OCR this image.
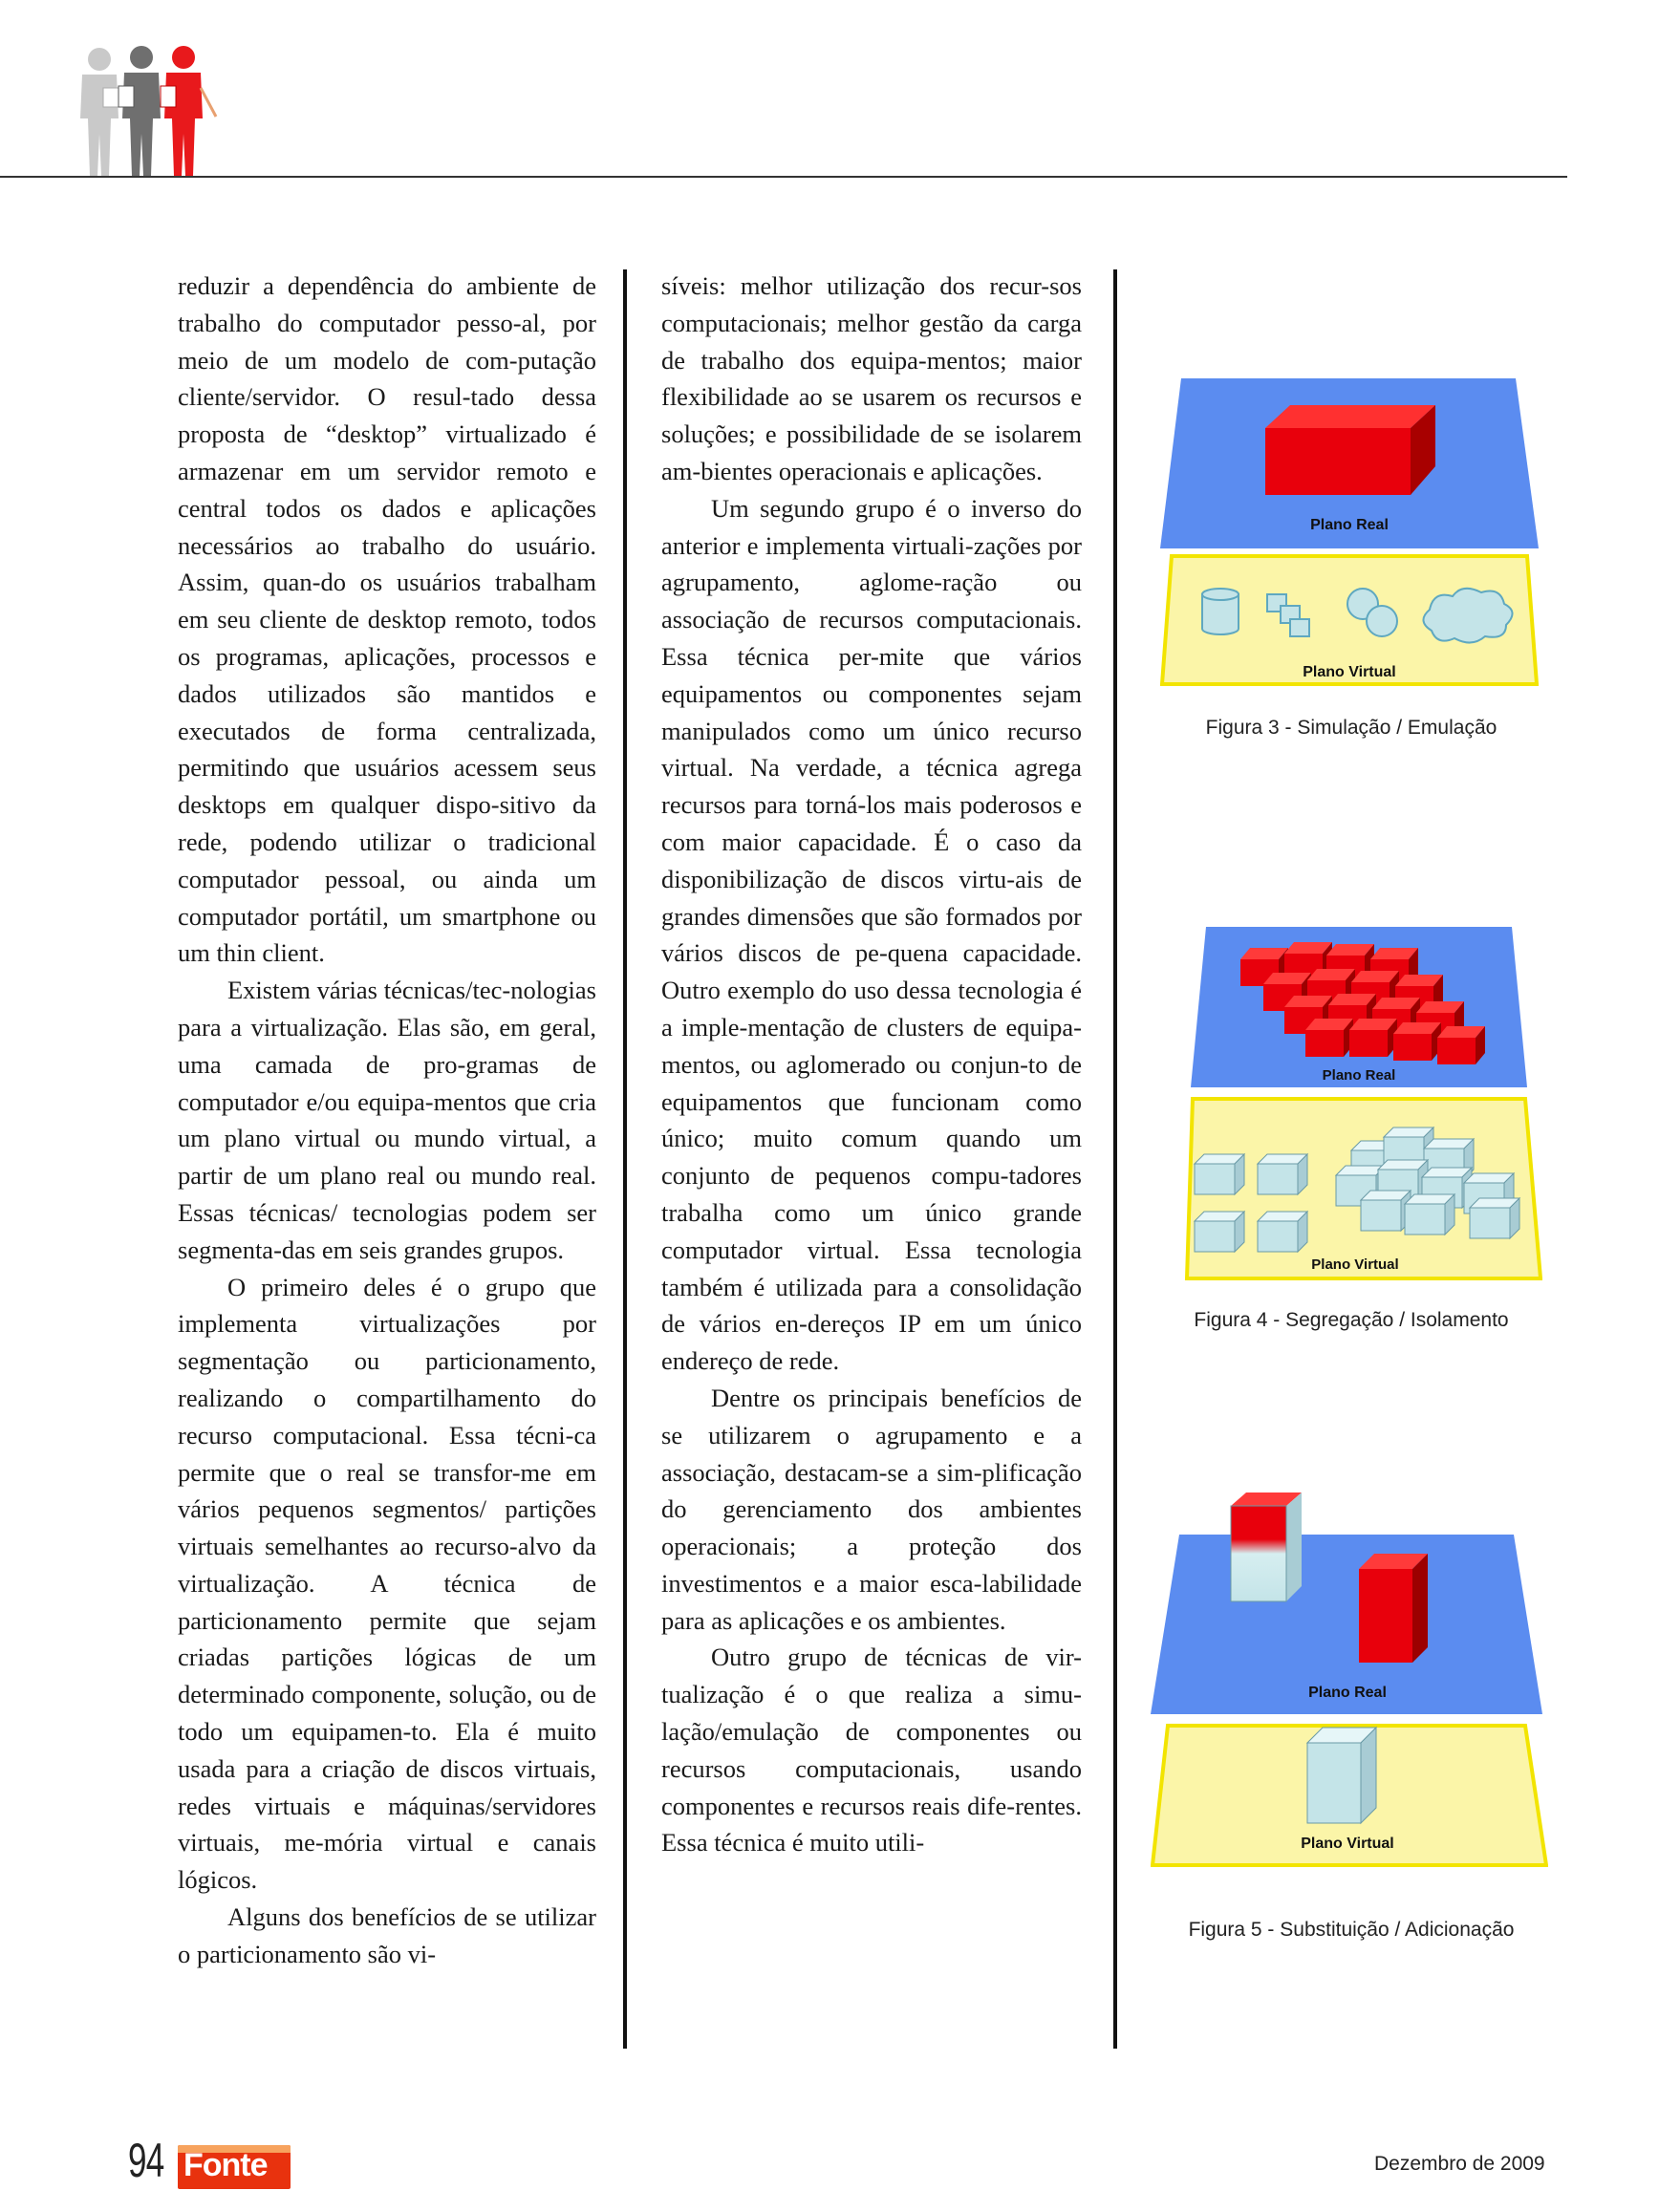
reduzir a dependência do ambiente de trabalho do computador pesso-al, por meio de um modelo de com-putação cliente/servidor. O resul-tado dessa proposta de “desktop” virtualizado é armazenar em um servidor remoto e central todos os dados e aplicações necessários ao trabalho do usuário. Assim, quan-do os usuários trabalham em seu cliente de desktop remoto, todos os programas, aplicações, processos e dados utilizados são mantidos e executados de forma centralizada, permitindo que usuários acessem seus desktops em qualquer dispo-sitivo da rede, podendo utilizar o tradicional computador pessoal, ou ainda um computador portátil, um smartphone ou um thin client.

Existem várias técnicas/tec-nologias para a virtualização. Elas são, em geral, uma camada de pro-gramas de computador e/ou equipa-mentos que cria um plano virtual ou mundo virtual, a partir de um plano real ou mundo real. Essas técnicas/ tecnologias podem ser segmenta-das em seis grandes grupos.

O primeiro deles é o grupo que implementa virtualizações por segmentação ou particionamento, realizando o compartilhamento do recurso computacional. Essa técni-ca permite que o real se transfor-me em vários pequenos segmentos/ partições virtuais semelhantes ao recurso-alvo da virtualização. A técnica de particionamento permite que sejam criadas partições lógicas de um determinado componente, solução, ou de todo um equipamen-to. Ela é muito usada para a criação de discos virtuais, redes virtuais e máquinas/servidores virtuais, me-mória virtual e canais lógicos.

Alguns dos benefícios de se utilizar o particionamento são vi-

síveis: melhor utilização dos recur-sos computacionais; melhor gestão da carga de trabalho dos equipa-mentos; maior flexibilidade ao se usarem os recursos e soluções; e possibilidade de se isolarem am-bientes operacionais e aplicações.

Um segundo grupo é o inverso do anterior e implementa virtuali-zações por agrupamento, aglome-ração ou associação de recursos computacionais. Essa técnica per-mite que vários equipamentos ou componentes sejam manipulados como um único recurso virtual. Na verdade, a técnica agrega recursos para torná-los mais poderosos e com maior capacidade. É o caso da disponibilização de discos virtu-ais de grandes dimensões que são formados por vários discos de pe-quena capacidade. Outro exemplo do uso dessa tecnologia é a imple-mentação de clusters de equipa-mentos, ou aglomerado ou conjun-to de equipamentos que funcionam como único; muito comum quando um conjunto de pequenos compu-tadores trabalha como um único grande computador virtual. Essa tecnologia também é utilizada para a consolidação de vários en-dereços IP em um único endereço de rede.

Dentre os principais benefícios de se utilizarem o agrupamento e a associação, destacam-se a sim-plificação do gerenciamento dos ambientes operacionais; a proteção dos investimentos e a maior esca-labilidade para as aplicações e os ambientes.

Outro grupo de técnicas de vir-tualização é o que realiza a simu-lação/emulação de componentes ou recursos computacionais, usando componentes e recursos reais dife-rentes. Essa técnica é muito utili-

Plano Real
Plano Virtual
Figura 3 - Simulação / Emulação
Plano Real
Plano Virtual
Figura 4 - Segregação / Isolamento
Plano Real
Plano Virtual
Figura 5 - Substituição / Adicionação
94 Fonte	Dezembro de 2009
